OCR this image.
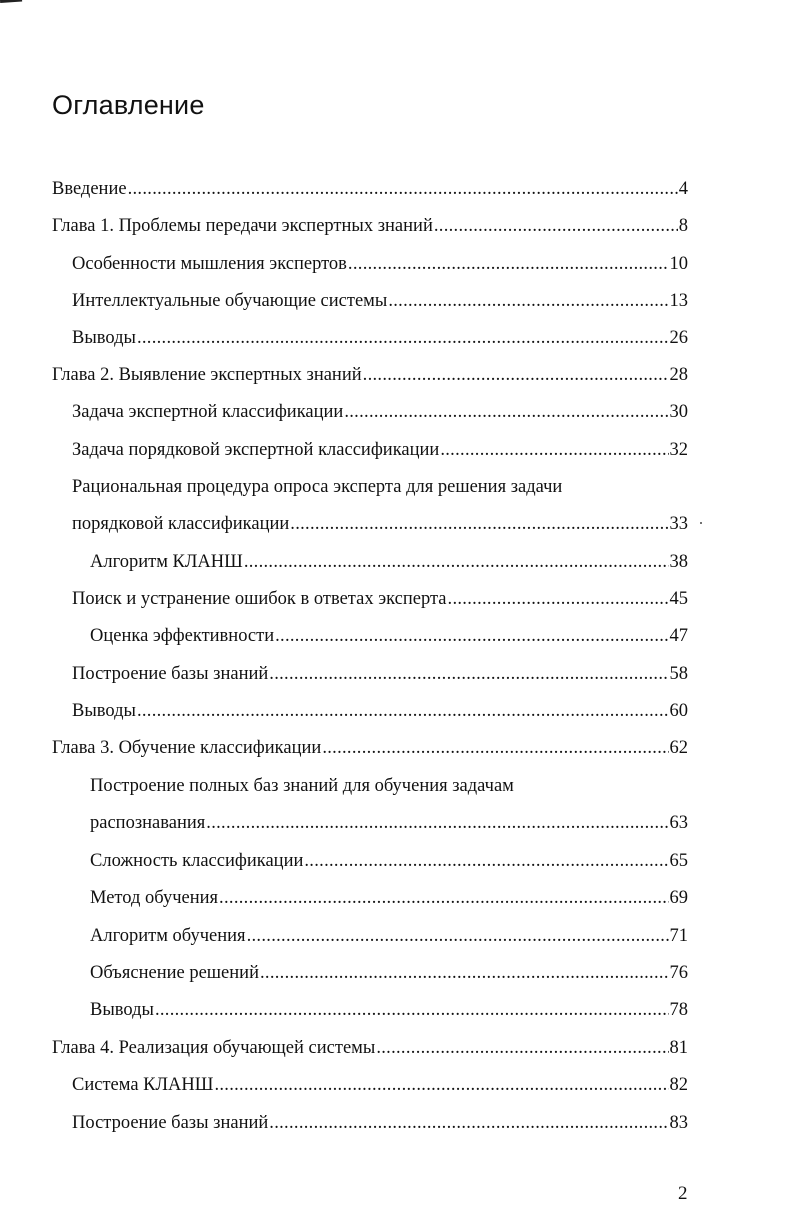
Оглавление
Введение .....	4
Глава 1. Проблемы передачи экспертных знаний .....	8
Особенности мышления экспертов .....	10
Интеллектуальные обучающие системы .....	13
Выводы .....	26
Глава 2. Выявление экспертных знаний .....	28
Задача экспертной классификации .....	30
Задача порядковой экспертной классификации .....	32
Рациональная процедура опроса эксперта для решения задачи
порядковой классификации .....	33
Алгоритм КЛАНШ .....	38
Поиск и устранение ошибок в ответах эксперта .....	45
Оценка эффективности .....	47
Построение базы знаний .....	58
Выводы .....	60
Глава 3. Обучение классификации .....	62
Построение полных баз знаний для обучения задачам
распознавания .....	63
Сложность классификации .....	65
Метод обучения .....	69
Алгоритм обучения .....	71
Объяснение решений .....	76
Выводы .....	78
Глава 4. Реализация обучающей системы .....	81
Система КЛАНШ .....	82
Построение базы знаний .....	83
2
